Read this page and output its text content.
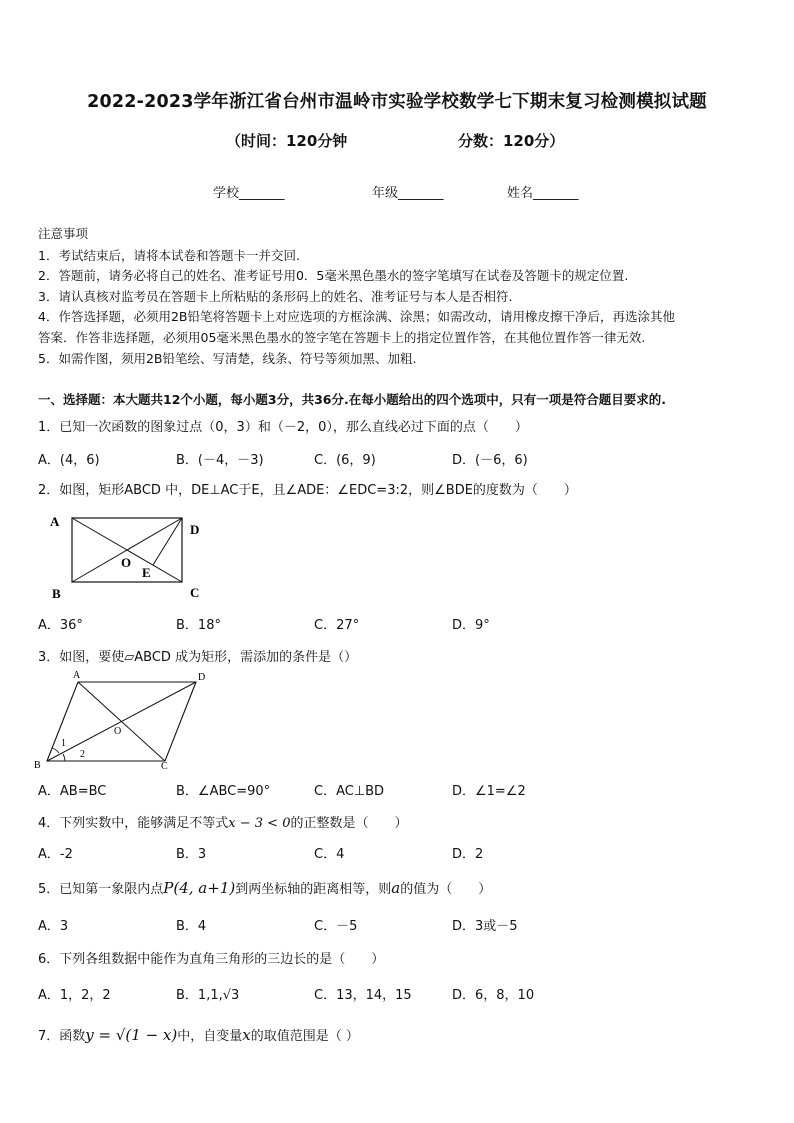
2022-2023学年浙江省台州市温岭市实验学校数学七下期末复习检测模拟试题
（时间：120分钟	分数：120分）
学校_______	年级_______	姓名_______
注意事项
1．考试结束后，请将本试卷和答题卡一并交回.
2．答题前，请务必将自己的姓名、准考证号用0．5毫米黑色墨水的签字笔填写在试卷及答题卡的规定位置.
3．请认真核对监考员在答题卡上所粘贴的条形码上的姓名、准考证号与本人是否相符.
4．作答选择题，必须用2B铅笔将答题卡上对应选项的方框涂满、涂黑；如需改动，请用橡皮擦干净后，再选涂其他
答案．作答非选择题，必须用05毫米黑色墨水的签字笔在答题卡上的指定位置作答，在其他位置作答一律无效.
5．如需作图，须用2B铅笔绘、写清楚，线条、符号等须加黑、加粗.
一、选择题：本大题共12个小题，每小题3分，共36分.在每小题给出的四个选项中，只有一项是符合题目要求的.
1．已知一次函数的图象过点（0，3）和（－2，0），那么直线必过下面的点（　　）
A．(4，6)	B．(－4，－3)	C．(6，9)	D．(－6，6)
2．如图，矩形ABCD 中，DE⊥AC于E，且∠ADE：∠EDC=3:2，则∠BDE的度数为（　　）
A
B	C
D
O
E
A．36°	B．18°	C．27°	D．9°
3．如图，要使▱ABCD 成为矩形，需添加的条件是（）
A
B	C
D
O
1
2
A．AB=BC	B．∠ABC=90°	C．AC⊥BD	D．∠1=∠2
4．下列实数中，能够满足不等式x − 3 < 0的正整数是（　　）
A．-2	B．3	C．4	D．2
5．已知第一象限内点P(4, a+1)到两坐标轴的距离相等，则a的值为（　　）
A．3	B．4	C．－5	D．3或－5
6．下列各组数据中能作为直角三角形的三边长的是（　　）
A．1，2，2	B．1,1,√3	C．13，14，15	D．6，8，10
7．函数y = √(1 − x)中，自变量x的取值范围是（ ）
